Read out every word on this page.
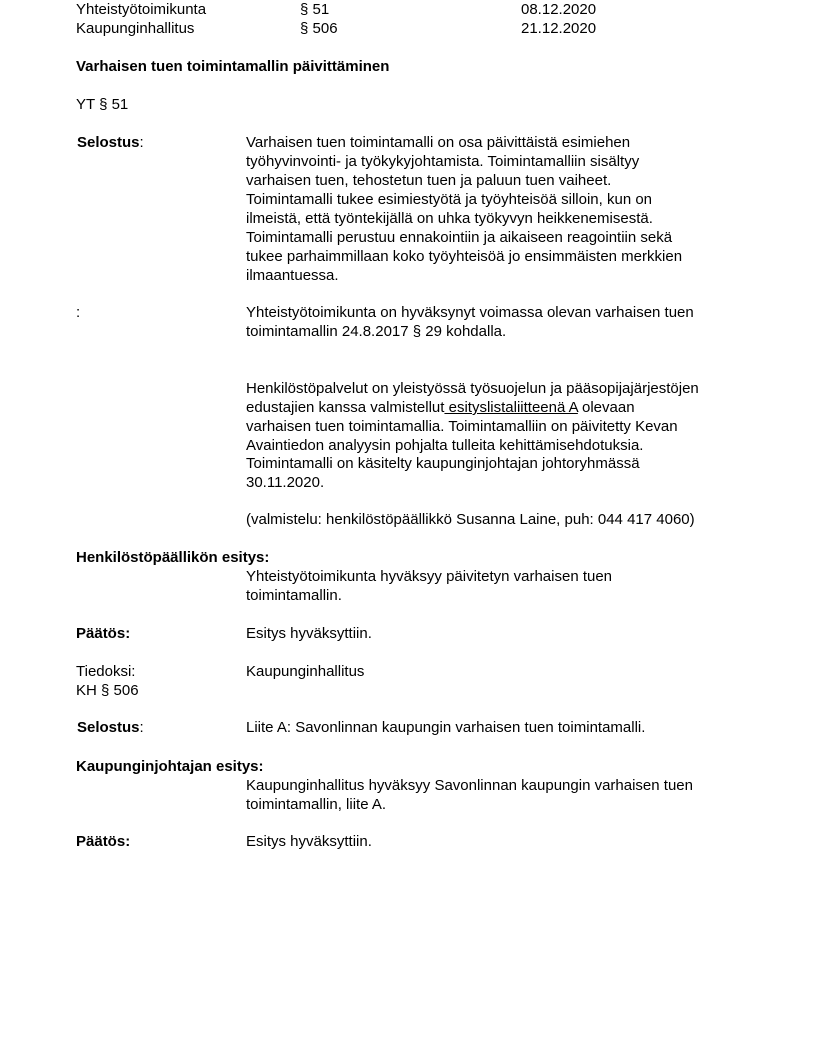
Yhteistyötoimikunta	§ 51	08.12.2020
Kaupunginhallitus	§ 506	21.12.2020
Varhaisen tuen toimintamallin päivittäminen
YT § 51
Selostus:	Varhaisen tuen toimintamalli on osa päivittäistä esimiehen
työhyvinvointi- ja työkykyjohtamista. Toimintamalliin sisältyy
varhaisen tuen, tehostetun tuen ja paluun tuen vaiheet.
Toimintamalli tukee esimiestyötä ja työyhteisöä silloin, kun on
ilmeistä, että työntekijällä on uhka työkyvyn heikkenemisestä.
Toimintamalli perustuu ennakointiin ja aikaiseen reagointiin sekä
tukee parhaimmillaan koko työyhteisöä jo ensimmäisten merkkien
ilmaantuessa.

:	Yhteistyötoimikunta on hyväksynyt voimassa olevan varhaisen tuen
toimintamallin 24.8.2017 § 29 kohdalla.

Henkilöstöpalvelut on yleistyössä työsuojelun ja pääsopijajärjestöjen
edustajien kanssa valmistellut esityslistaliitteenä A olevaan
varhaisen tuen toimintamallia. Toimintamalliin on päivitetty Kevan
Avaintiedon analyysin pohjalta tulleita kehittämisehdotuksia.

Toimintamalli on käsitelty kaupunginjohtajan johtoryhmässä
30.11.2020.

(valmistelu: henkilöstöpäällikkö Susanna Laine, puh: 044 417 4060)

Henkilöstöpäällikön esitys:

Yhteistyötoimikunta hyväksyy päivitetyn varhaisen tuen
toimintamallin.

Päätös:	Esitys hyväksyttiin.

Tiedoksi:	Kaupunginhallitus

KH § 506
Selostus:	Liite A: Savonlinnan kaupungin varhaisen tuen toimintamalli.

Kaupunginjohtajan esitys:

Kaupunginhallitus hyväksyy Savonlinnan kaupungin varhaisen tuen
toimintamallin, liite A.

Päätös:	Esitys hyväksyttiin.
